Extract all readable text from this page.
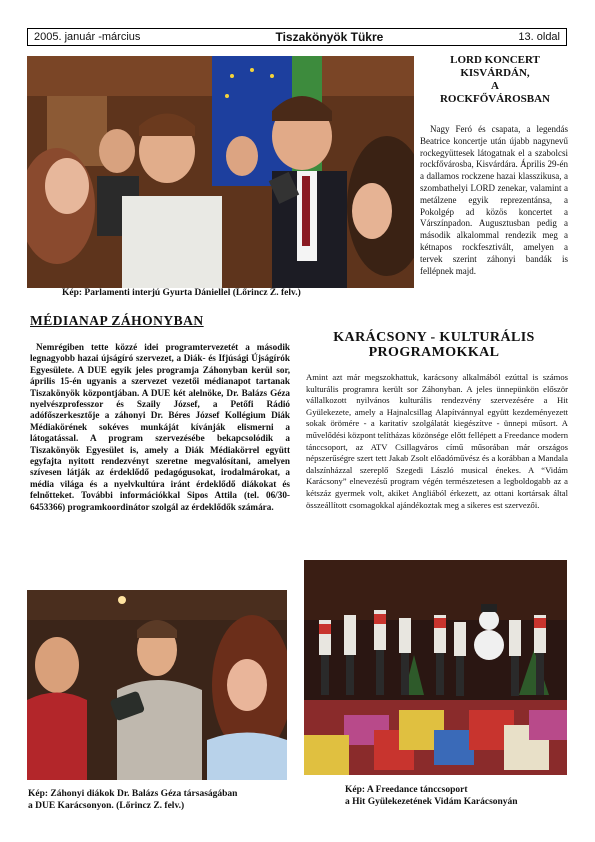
2005. január -március	Tiszakönyök Tükre	13. oldal
Kép: Parlamenti interjú Gyurta Dániellel (Lőrincz Z. felv.)
LORD KONCERT
KISVÁRDÁN,
A
ROCKFŐVÁROSBAN
Nagy Feró és csapata, a legendás Beatrice koncertje után újabb nagynevű rockegyüttesek látogatnak el a szabolcsi rockfővárosba, Kisvárdára. Április 29-én a dallamos rockzene hazai klasszikusa, a szombathelyi LORD zenekar, valamint a metálzene egyik reprezentánsa, a Pokolgép ad közös koncertet a Várszínpadon. Augusztusban pedig a második alkalommal rendezik meg a kétnapos rockfesztivált, amelyen a tervek szerint záhonyi bandák is fellépnek majd.
MÉDIANAP ZÁHONYBAN
Nemrégiben tette közzé idei programtervezetét a második legnagyobb hazai újságíró szervezet, a Diák- és Ifjúsági Újságírók Egyesülete. A DUE egyik jeles programja Záhonyban kerül sor, április 15-én ugyanis a szervezet vezetői médianapot tartanak Tiszakönyök központjában. A DUE két alelnöke, Dr. Balázs Géza nyelvészprofesszor és Szaily József, a Petőfi Rádió adófőszerkesztője a záhonyi Dr. Béres József Kollégium Diák Médiakörének sokéves munkáját kívánják elismerni a látogatással. A program szervezésébe bekapcsolódik a Tiszakönyök Egyesület is, amely a Diák Médiakörrel együtt egyfajta nyitott rendezvényt szeretne megvalósítani, amelyen szívesen látják az érdeklődő pedagógusokat, irodalmárokat, a média világa és a nyelvkultúra iránt érdeklődő diákokat és felnőtteket. További információkkal Sipos Attila (tel. 06/30-6453366) programkoordinátor szolgál az érdeklődők számára.
KARÁCSONY - KULTURÁLIS
PROGRAMOKKAL
Amint azt már megszokhattuk, karácsony alkalmából ezúttal is számos kulturális programra került sor Záhonyban. A jeles ünnepünkön először vállalkozott nyilvános kulturális rendezvény szervezésére a Hit Gyülekezete, amely a Hajnalcsillag Alapítvánnyal együtt kezdeményezett sokak örömére - a karitatív szolgálatát kiegészítve - ünnepi műsort. A művelődési központ telítházas közönsége előtt fellépett a Freedance modern tánccsoport, az ATV Csillagváros című műsorában már országos népszerűségre szert tett Jakab Zsolt előadóművész és a korábban a Mandala dalszínházzal szereplő Szegedi László musical énekes. A “Vidám Karácsony” elnevezésű program végén természetesen a legboldogabb az a kétszáz gyermek volt, akiket Angliából érkezett, az ottani kortársak által összeállított csomagokkal ajándékoztak meg a sikeres est szervezői.
Kép: Záhonyi diákok Dr. Balázs Géza társaságában
a DUE Karácsonyon. (Lőrincz Z. felv.)
Kép: A Freedance tánccsoport
a Hit Gyülekezetének Vidám Karácsonyán
